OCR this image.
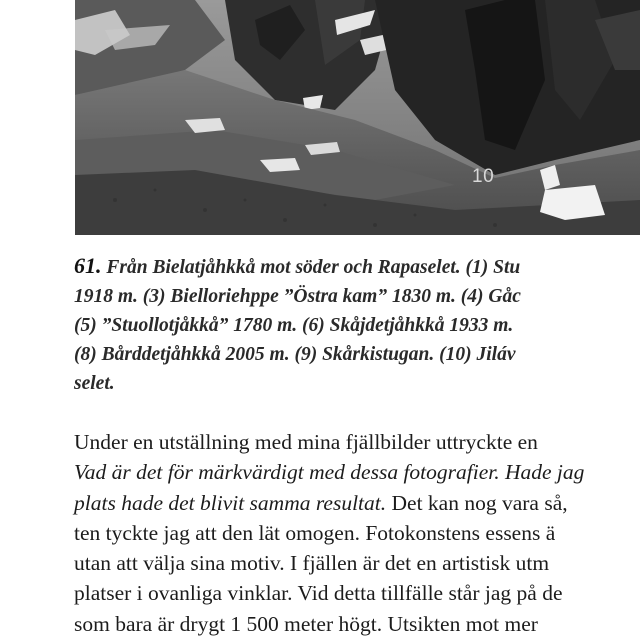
10
61. Från Bielatjåhkkå mot söder och Rapaselet. (1) Stu
1918 m. (3) Bielloriehppe ”Östra kam” 1830 m. (4) Gåc
(5) ”Stuollotjåkkå” 1780 m. (6) Skåjdetjåhkkå 1933 m.
(8) Bårddetjåhkkå 2005 m. (9) Skårkistugan. (10) Jiláv
selet.
Under en utställning med mina fjällbilder uttryckte en
Vad är det för märkvärdigt med dessa fotografier. Hade jag
plats hade det blivit samma resultat. Det kan nog vara så,
ten tyckte jag att den lät omogen. Fotokonstens essens ä
utan att välja sina motiv. I fjällen är det en artistisk utm
platser i ovanliga vinklar. Vid detta tillfälle står jag på de
som bara är drygt 1 500 meter högt. Utsikten mot mer
